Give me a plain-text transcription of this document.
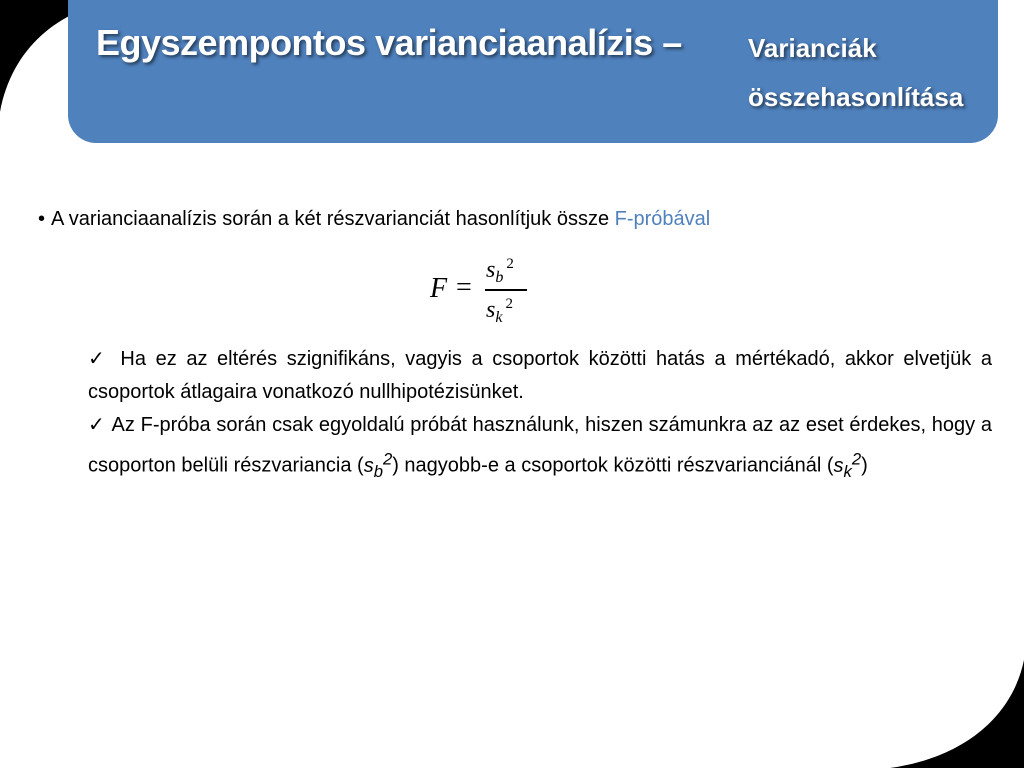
Egyszempontos varianciaanalízis –	Varianciák
összehasonlítása
• A varianciaanalízis során a két részvarianciát hasonlítjuk össze F-próbával
F =
$s_b^2$
$s_k^2$

✓ Ha ez az eltérés szignifikáns, vagyis a csoportok közötti hatás a mértékadó, akkor elvetjük a csoportok átlagaira vonatkozó nullhipotézisünket.

✓ Az F-próba során csak egyoldalú próbát használunk, hiszen számunkra az az eset érdekes, hogy a csoporton belüli részvariancia $(s_b^2)$ nagyobb-e a csoportok közötti részvarianciánál $(s_k^2)$
